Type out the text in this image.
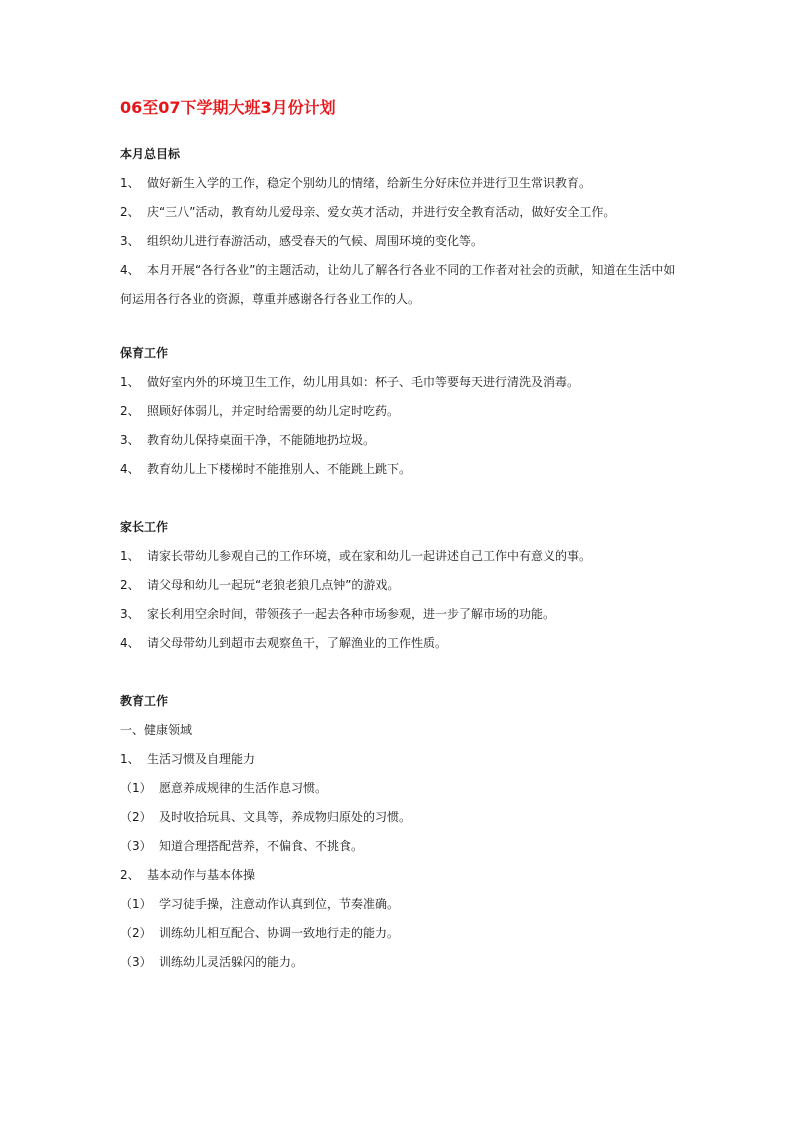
06至07下学期大班3月份计划
本月总目标
1、 做好新生入学的工作，稳定个别幼儿的情绪，给新生分好床位并进行卫生常识教育。
2、 庆“三八”活动，教育幼儿爱母亲、爱女英才活动，并进行安全教育活动，做好安全工作。
3、 组织幼儿进行春游活动，感受春天的气候、周围环境的变化等。
4、 本月开展“各行各业”的主题活动，让幼儿了解各行各业不同的工作者对社会的贡献，知道在生活中如何运用各行各业的资源，尊重并感谢各行各业工作的人。
保育工作
1、 做好室内外的环境卫生工作，幼儿用具如：杯子、毛巾等要每天进行清洗及消毒。
2、 照顾好体弱儿，并定时给需要的幼儿定时吃药。
3、 教育幼儿保持桌面干净，不能随地扔垃圾。
4、 教育幼儿上下楼梯时不能推别人、不能跳上跳下。
家长工作
1、 请家长带幼儿参观自己的工作环境，或在家和幼儿一起讲述自己工作中有意义的事。
2、 请父母和幼儿一起玩“老狼老狼几点钟”的游戏。
3、 家长利用空余时间，带领孩子一起去各种市场参观，进一步了解市场的功能。
4、 请父母带幼儿到超市去观察鱼干，了解渔业的工作性质。
教育工作
一、健康领域
1、 生活习惯及自理能力
（1） 愿意养成规律的生活作息习惯。
（2） 及时收拾玩具、文具等，养成物归原处的习惯。
（3） 知道合理搭配营养，不偏食、不挑食。
2、 基本动作与基本体操
（1） 学习徒手操，注意动作认真到位，节奏准确。
（2） 训练幼儿相互配合、协调一致地行走的能力。
（3） 训练幼儿灵活躲闪的能力。
